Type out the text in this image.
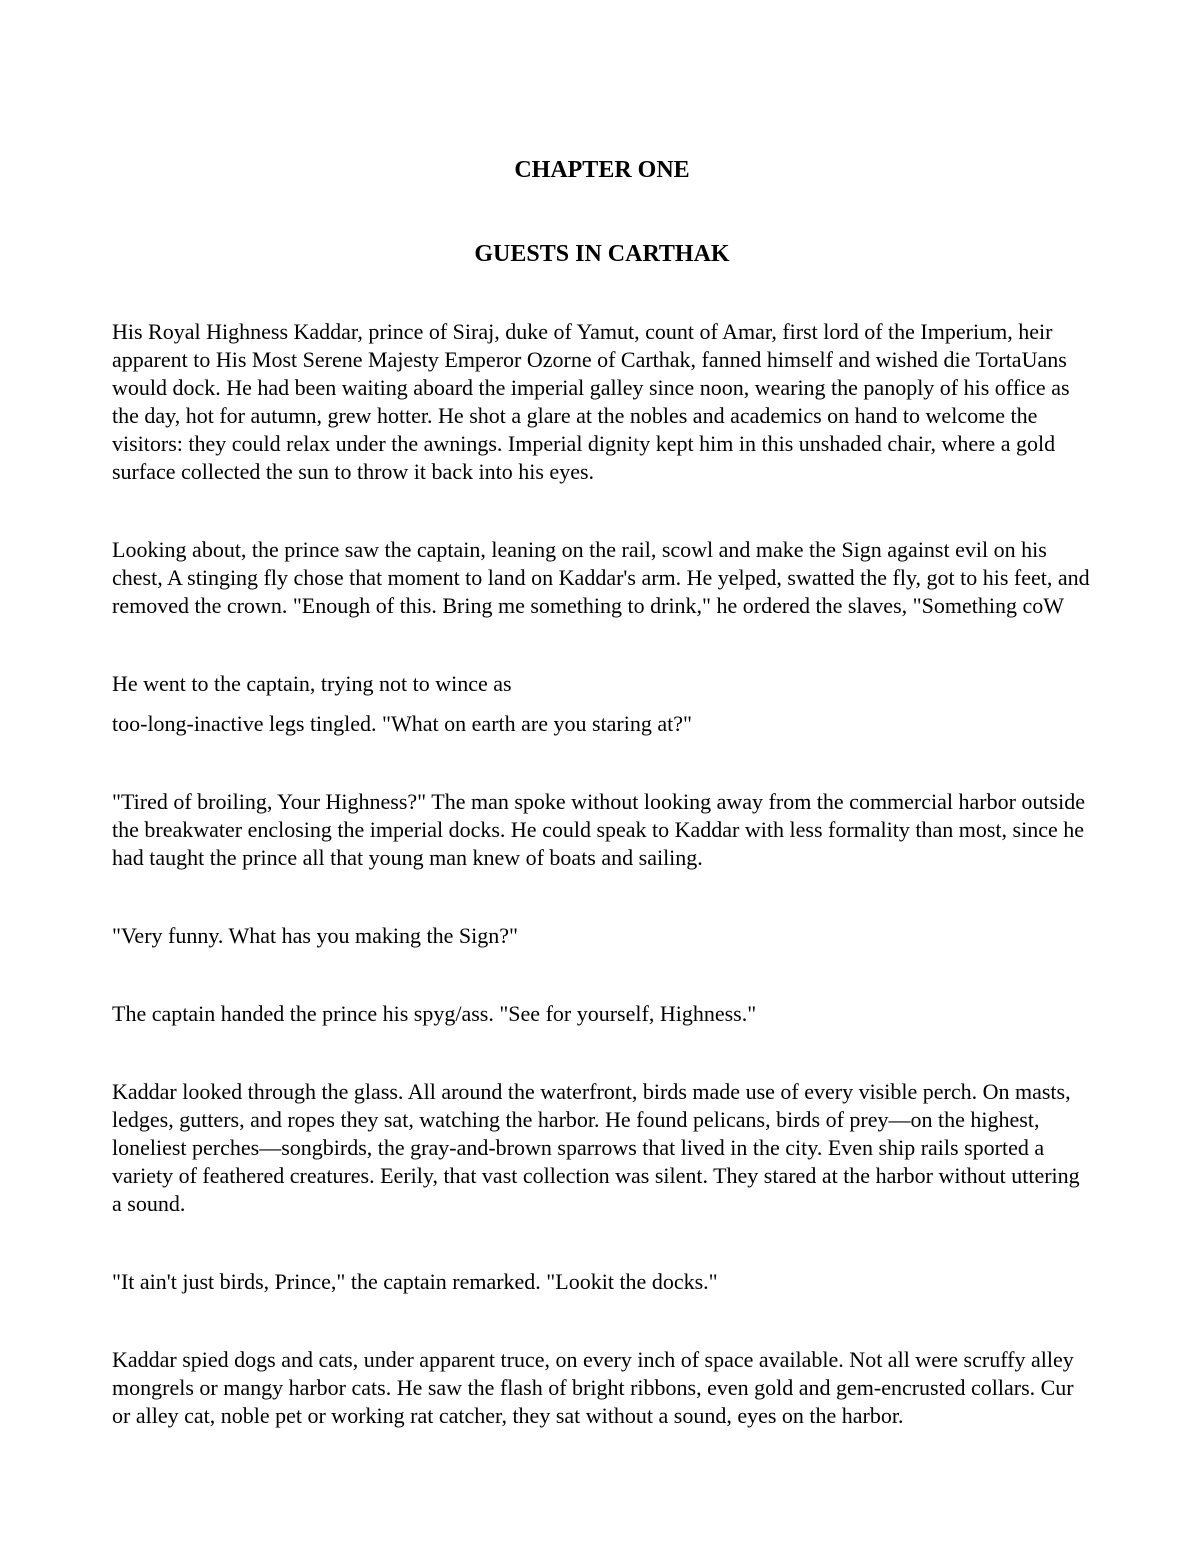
CHAPTER ONE
GUESTS IN CARTHAK

His Royal Highness Kaddar, prince of Siraj, duke of Yamut, count of Amar, first lord of the Imperium, heir apparent to His Most Serene Majesty Emperor Ozorne of Carthak, fanned himself and wished die TortaUans would dock. He had been waiting aboard the imperial galley since noon, wearing the panoply of his office as the day, hot for autumn, grew hotter. He shot a glare at the nobles and academics on hand to welcome the visitors: they could relax under the awnings. Imperial dignity kept him in this unshaded chair, where a gold surface collected the sun to throw it back into his eyes.

Looking about, the prince saw the captain, leaning on the rail, scowl and make the Sign against evil on his chest, A stinging fly chose that moment to land on Kaddar's arm. He yelped, swatted the fly, got to his feet, and removed the crown. "Enough of this. Bring me something to drink," he ordered the slaves, "Something coW

He went to the captain, trying not to wince as

too-long-inactive legs tingled. "What on earth are you staring at?"

"Tired of broiling, Your Highness?" The man spoke without looking away from the commercial harbor outside the breakwater enclosing the imperial docks. He could speak to Kaddar with less formality than most, since he had taught the prince all that young man knew of boats and sailing.

"Very funny. What has you making the Sign?"

The captain handed the prince his spyg/ass. "See for yourself, Highness."

Kaddar looked through the glass. All around the waterfront, birds made use of every visible perch. On masts, ledges, gutters, and ropes they sat, watching the harbor. He found pelicans, birds of prey—on the highest, loneliest perches—songbirds, the gray-and-brown sparrows that lived in the city. Even ship rails sported a variety of feathered creatures. Eerily, that vast collection was silent. They stared at the harbor without uttering a sound.

"It ain't just birds, Prince," the captain remarked. "Lookit the docks."

Kaddar spied dogs and cats, under apparent truce, on every inch of space available. Not all were scruffy alley mongrels or mangy harbor cats. He saw the flash of bright ribbons, even gold and gem-encrusted collars. Cur or alley cat, noble pet or working rat catcher, they sat without a sound, eyes on the harbor.
